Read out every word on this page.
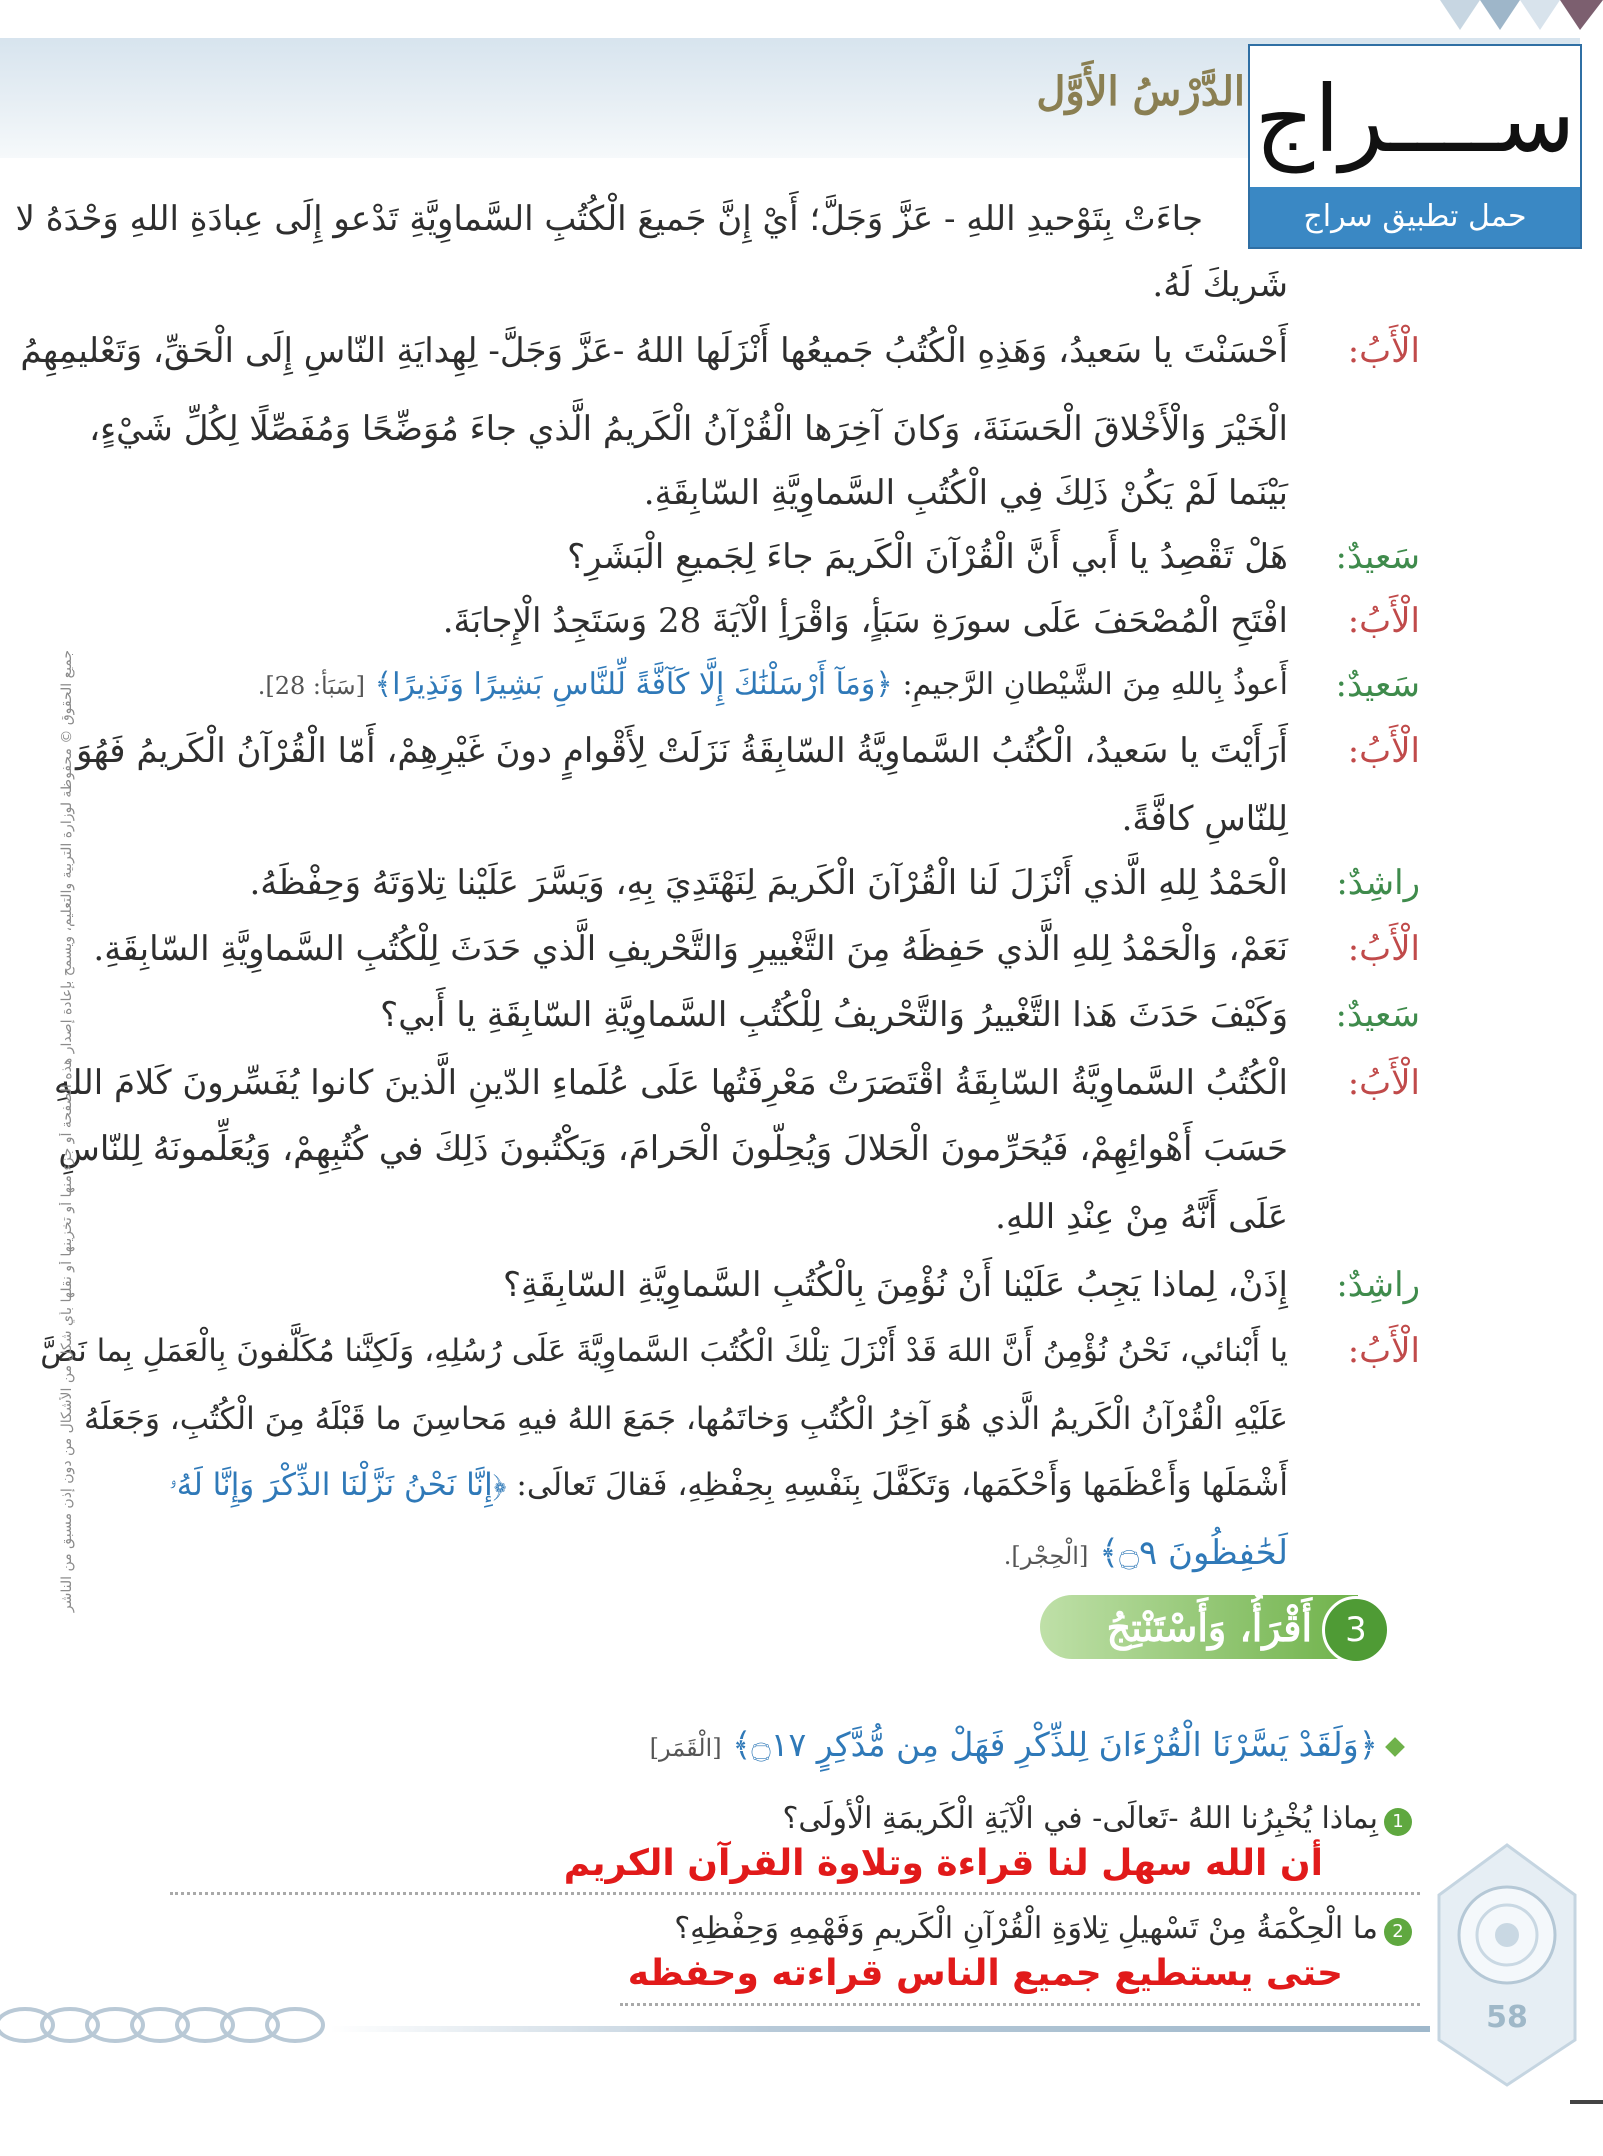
الدَّرْسُ الأَوَّل ســــراج
حمل تطبيق سراج
جاءَتْ بِتَوْحيدِ اللهِ - عَزَّ وَجَلَّ؛ أَيْ إِنَّ جَميعَ الْكُتُبِ السَّماوِيَّةِ تَدْعو إِلَى عِبادَةِ اللهِ وَحْدَهُ لا
شَريكَ لَهُ.
الْأَبُ:
أَحْسَنْتَ يا سَعيدُ، وَهَذِهِ الْكُتُبُ جَميعُها أَنْزَلَها اللهُ -عَزَّ وَجَلَّ- لِهِدايَةِ النّاسِ إِلَى الْحَقِّ، وَتَعْليمِهِمُ
الْخَيْرَ وَالْأَخْلاقَ الْحَسَنَةَ، وَكانَ آخِرَها الْقُرْآنُ الْكَريمُ الَّذي جاءَ مُوَضِّحًا وَمُفَصِّلًا لِكُلِّ شَيْءٍ،
بَيْنَما لَمْ يَكُنْ ذَلِكَ فِي الْكُتُبِ السَّماوِيَّةِ السّابِقَةِ.
سَعيدٌ:
هَلْ تَقْصِدُ يا أَبي أَنَّ الْقُرْآنَ الْكَريمَ جاءَ لِجَميعِ الْبَشَرِ؟
الْأَبُ:
افْتَحِ الْمُصْحَفَ عَلَى سورَةِ سَبَأٍ، وَاقْرَأِ الْآيَةَ 28 وَسَتَجِدُ الْإِجابَةَ.
سَعيدٌ:
أَعوذُ بِاللهِ مِنَ الشَّيْطانِ الرَّجيمِ: ﴿وَمَآ أَرْسَلْنَٰكَ إِلَّا كَآفَّةً لِّلنَّاسِ بَشِيرًا وَنَذِيرًا﴾ [سَبَأ: 28].
الْأَبُ:
أَرَأَيْتَ يا سَعيدُ، الْكُتُبُ السَّماوِيَّةُ السّابِقَةُ نَزَلَتْ لِأَقْوامٍ دونَ غَيْرِهِمْ، أَمّا الْقُرْآنُ الْكَريمُ فَهُوَ
لِلنّاسِ كافَّةً.
راشِدٌ:
الْحَمْدُ لِلهِ الَّذي أَنْزَلَ لَنا الْقُرْآنَ الْكَريمَ لِنَهْتَدِيَ بِهِ، وَيَسَّرَ عَلَيْنا تِلاوَتَهُ وَحِفْظَهُ.
الْأَبُ:
نَعَمْ، وَالْحَمْدُ لِلهِ الَّذي حَفِظَهُ مِنَ التَّغْييرِ وَالتَّحْريفِ الَّذي حَدَثَ لِلْكُتُبِ السَّماوِيَّةِ السّابِقَةِ.
سَعيدٌ:
وَكَيْفَ حَدَثَ هَذا التَّغْييرُ وَالتَّحْريفُ لِلْكُتُبِ السَّماوِيَّةِ السّابِقَةِ يا أَبي؟
الْأَبُ:
الْكُتُبُ السَّماوِيَّةُ السّابِقَةُ اقْتَصَرَتْ مَعْرِفَتُها عَلَى عُلَماءِ الدّينِ الَّذينَ كانوا يُفَسِّرونَ كَلامَ اللهِ
حَسَبَ أَهْوائِهِمْ، فَيُحَرِّمونَ الْحَلالَ وَيُحِلّونَ الْحَرامَ، وَيَكْتُبونَ ذَلِكَ في كُتُبِهِمْ، وَيُعَلِّمونَهُ لِلنّاسِ
عَلَى أَنَّهُ مِنْ عِنْدِ اللهِ.
راشِدٌ:
إِذَنْ، لِماذا يَجِبُ عَلَيْنا أَنْ نُؤْمِنَ بِالْكُتُبِ السَّماوِيَّةِ السّابِقَةِ؟
الْأَبُ:
يا أَبْنائي، نَحْنُ نُؤْمِنُ أَنَّ اللهَ قَدْ أَنْزَلَ تِلْكَ الْكُتُبَ السَّماوِيَّةَ عَلَى رُسُلِهِ، وَلَكِنَّنا مُكَلَّفونَ بِالْعَمَلِ بِما نَصَّ
عَلَيْهِ الْقُرْآنُ الْكَريمُ الَّذي هُوَ آخِرُ الْكُتُبِ وَخاتَمُها، جَمَعَ اللهُ فيهِ مَحاسِنَ ما قَبْلَهُ مِنَ الْكُتُبِ، وَجَعَلَهُ
أَشْمَلَها وَأَعْظَمَها وَأَحْكَمَها، وَتَكَفَّلَ بِنَفْسِهِ بِحِفْظِهِ، فَقالَ تَعالَى: ﴿إِنَّا نَحْنُ نَزَّلْنَا الذِّكْرَ وَإِنَّا لَهُۥ
لَحَٰفِظُونَ ۝٩﴾ [الْحِجْر].
جميع الحقوق © محفوظة لوزارة التربية والتعليم، ويسمح بإعادة إصدار هذه الصفحة أو جزء منها أو تخزينها أو نقلها بأي شكل من الأشكال من دون إذن مسبق من الناشر
أَقْرَأُ، وَأَسْتَنْتِجُ 3
﴿وَلَقَدْ يَسَّرْنَا الْقُرْءَانَ لِلذِّكْرِ فَهَلْ مِن مُّدَّكِرٍ ۝١٧﴾ [الْقَمَر]
1
بِماذا يُخْبِرُنا اللهُ -تَعالَى- في الْآيَةِ الْكَريمَةِ الْأولَى؟
أن الله سهل لنا قراءة وتلاوة القرآن الكريم
2
ما الْحِكْمَةُ مِنْ تَسْهيلِ تِلاوَةِ الْقُرْآنِ الْكَريمِ وَفَهْمِهِ وَحِفْظِهِ؟
حتى يستطيع جميع الناس قراءته وحفظه
58
